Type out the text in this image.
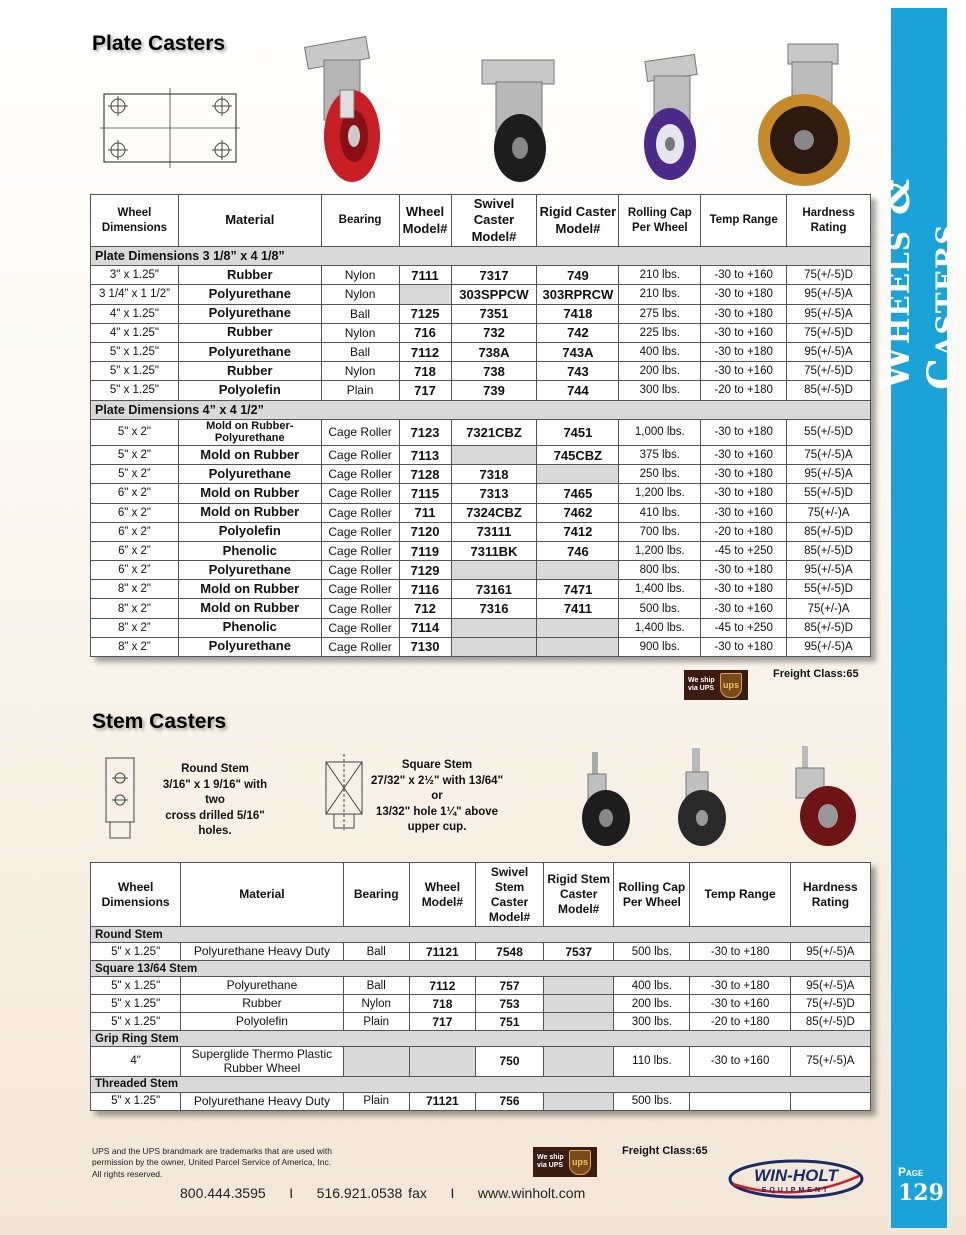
Wheels & Casters
Page
129
Plate Casters
Wheel Dimensions	Material	Bearing	Wheel Model#	Swivel Caster Model#	Rigid Caster Model#	Rolling Cap Per Wheel	Temp Range	Hardness Rating
Plate Dimensions 3 1/8” x 4 1/8”								
3" x 1.25"	Rubber	Nylon	7111	7317	749	210 lbs.	-30 to +160	75(+/-5)D
3 1/4” x 1 1/2”	Polyurethane	Nylon		303SPPCW	303RPRCW	210 lbs.	-30 to +180	95(+/-5)A
4" x 1.25"	Polyurethane	Ball	7125	7351	7418	275 lbs.	-30 to +180	95(+/-5)A
4" x 1.25"	Rubber	Nylon	716	732	742	225 lbs.	-30 to +160	75(+/-5)D
5" x 1.25"	Polyurethane	Ball	7112	738A	743A	400 lbs.	-30 to +180	95(+/-5)A
5" x 1.25"	Rubber	Nylon	718	738	743	200 lbs.	-30 to +160	75(+/-5)D
5" x 1.25"	Polyolefin	Plain	717	739	744	300 lbs.	-20 to +180	85(+/-5)D
Plate Dimensions 4” x 4 1/2”								
5" x 2"	Mold on Rubber-Polyurethane	Cage Roller	7123	7321CBZ	7451	1,000 lbs.	-30 to +180	55(+/-5)D
5" x 2"	Mold on Rubber	Cage Roller	7113		745CBZ	375 lbs.	-30 to +160	75(+/-5)A
5” x 2”	Polyurethane	Cage Roller	7128	7318		250 lbs.	-30 to +180	95(+/-5)A
6" x 2"	Mold on Rubber	Cage Roller	7115	7313	7465	1,200 lbs.	-30 to +180	55(+/-5)D
6" x 2"	Mold on Rubber	Cage Roller	711	7324CBZ	7462	410 lbs.	-30 to +160	75(+/-)A
6” x 2”	Polyolefin	Cage Roller	7120	73111	7412	700 lbs.	-20 to +180	85(+/-5)D
6” x 2”	Phenolic	Cage Roller	7119	7311BK	746	1,200 lbs.	-45 to +250	85(+/-5)D
6” x 2”	Polyurethane	Cage Roller	7129			800 lbs.	-30 to +180	95(+/-5)A
8" x 2"	Mold on Rubber	Cage Roller	7116	73161	7471	1,400 lbs.	-30 to +180	55(+/-5)D
8" x 2"	Mold on Rubber	Cage Roller	712	7316	7411	500 lbs.	-30 to +160	75(+/-)A
8” x 2”	Phenolic	Cage Roller	7114			1,400 lbs.	-45 to +250	85(+/-5)D
8” x 2”	Polyurethane	Cage Roller	7130			900 lbs.	-30 to +180	95(+/-5)A
We ship
via UPS ups
Freight Class:65
Stem Casters
Round Stem
3/16" x 1 9/16" with two
cross drilled 5/16"
holes.
Square Stem
27/32" x 2½" with 13/64"
or
13/32" hole 1¼" above
upper cup.
Wheel Dimensions	Material	Bearing	Wheel Model#	Swivel Stem Caster Model#	Rigid Stem Caster Model#	Rolling Cap Per Wheel	Temp Range	Hardness Rating
Round Stem								
5" x 1.25"	Polyurethane Heavy Duty	Ball	71121	7548	7537	500 lbs.	-30 to +180	95(+/-5)A
Square 13/64 Stem								
5" x 1.25"	Polyurethane	Ball	7112	757		400 lbs.	-30 to +180	95(+/-5)A
5" x 1.25"	Rubber	Nylon	718	753		200 lbs.	-30 to +160	75(+/-5)D
5" x 1.25"	Polyolefin	Plain	717	751		300 lbs.	-20 to +180	85(+/-5)D
Grip Ring Stem								
4"	Superglide Thermo Plastic Rubber Wheel			750		110 lbs.	-30 to +160	75(+/-5)A
Threaded Stem								
5" x 1.25"	Polyurethane Heavy Duty	Plain	71121	756		500 lbs.		
We ship
via UPS ups
Freight Class:65
UPS and the UPS brandmark are trademarks that are used with
permission by the owner, United Parcel Service of America, Inc.
All rights reserved.
800.444.3595 I 516.921.0538 fax I www.winholt.com
WIN-HOLT
EQUIPMENT
